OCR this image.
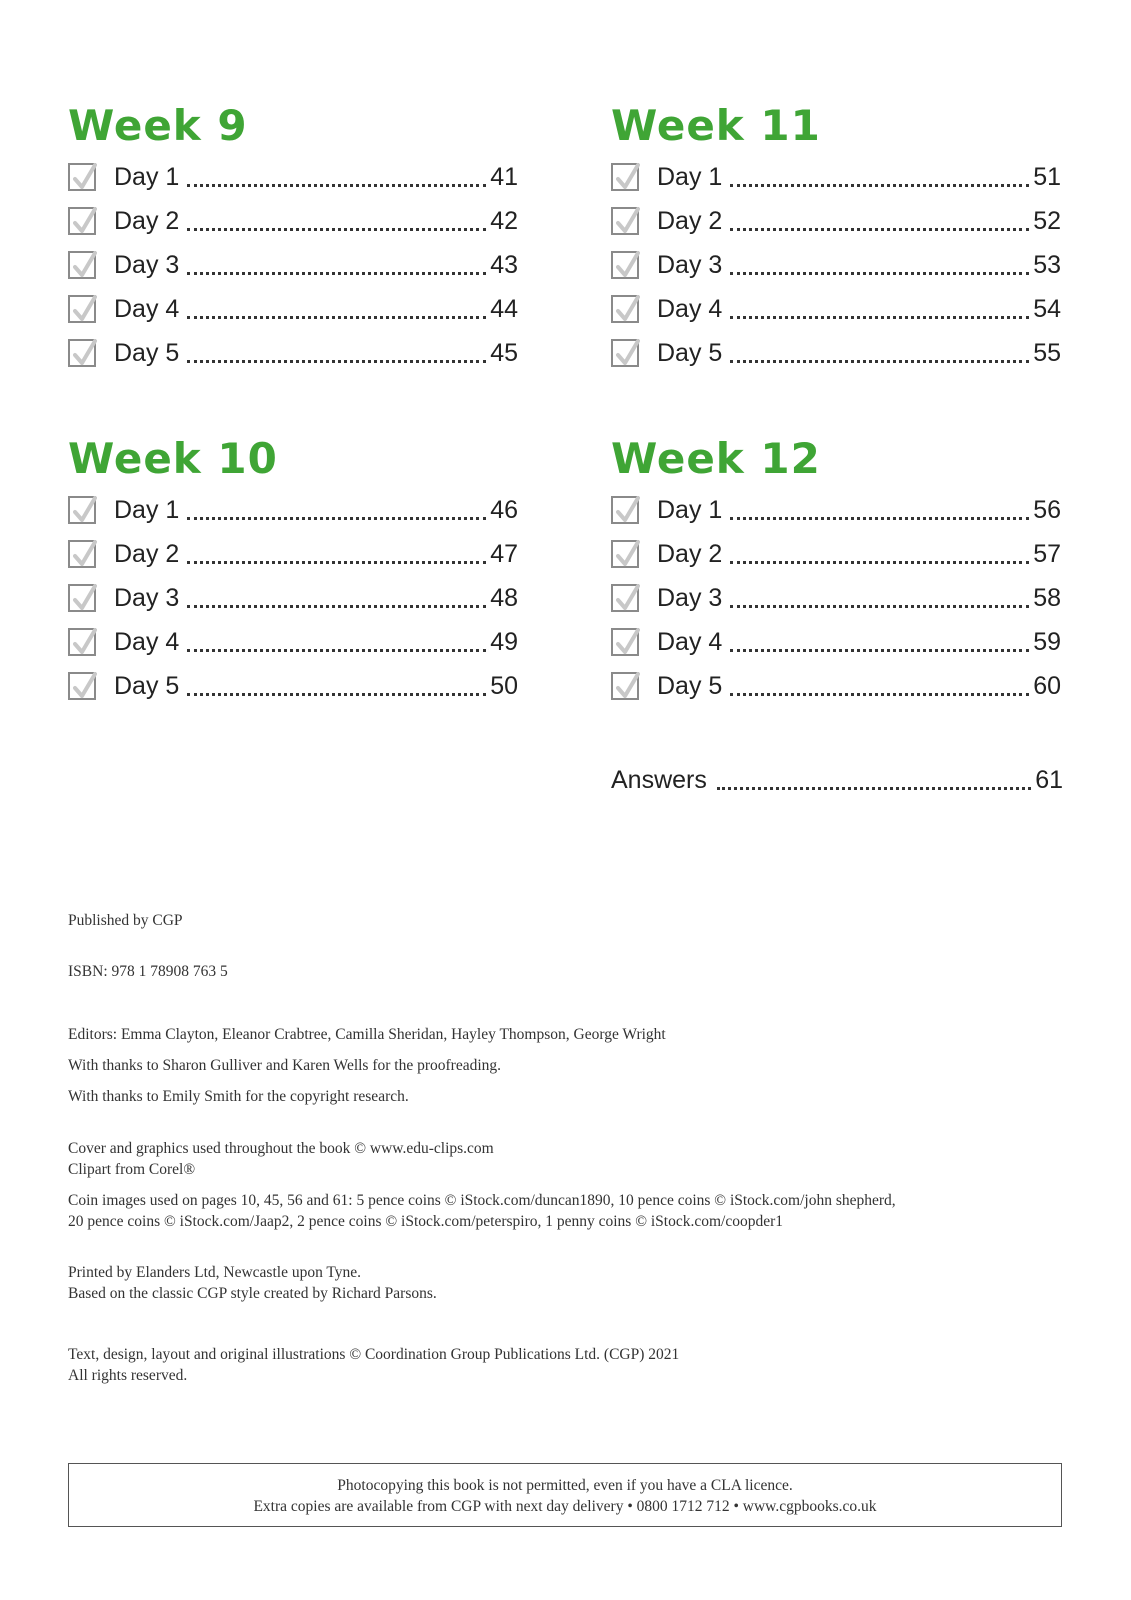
Week 9
Day 1	41
Day 2	42
Day 3	43
Day 4	44
Day 5	45
Week 10
Day 1	46
Day 2	47
Day 3	48
Day 4	49
Day 5	50
Week 11
Day 1	51
Day 2	52
Day 3	53
Day 4	54
Day 5	55
Week 12
Day 1	56
Day 2	57
Day 3	58
Day 4	59
Day 5	60
Answers	61

Published by CGP

ISBN: 978 1 78908 763 5

Editors: Emma Clayton, Eleanor Crabtree, Camilla Sheridan, Hayley Thompson, George Wright

With thanks to Sharon Gulliver and Karen Wells for the proofreading.

With thanks to Emily Smith for the copyright research.

Cover and graphics used throughout the book © www.edu-clips.com

Clipart from Corel®

Coin images used on pages 10, 45, 56 and 61: 5 pence coins © iStock.com/duncan1890, 10 pence coins © iStock.com/john shepherd,

20 pence coins © iStock.com/Jaap2, 2 pence coins © iStock.com/peterspiro, 1 penny coins © iStock.com/coopder1

Printed by Elanders Ltd, Newcastle upon Tyne.

Based on the classic CGP style created by Richard Parsons.

Text, design, layout and original illustrations © Coordination Group Publications Ltd. (CGP) 2021

All rights reserved.

Photocopying this book is not permitted, even if you have a CLA licence.
Extra copies are available from CGP with next day delivery • 0800 1712 712 • www.cgpbooks.co.uk
